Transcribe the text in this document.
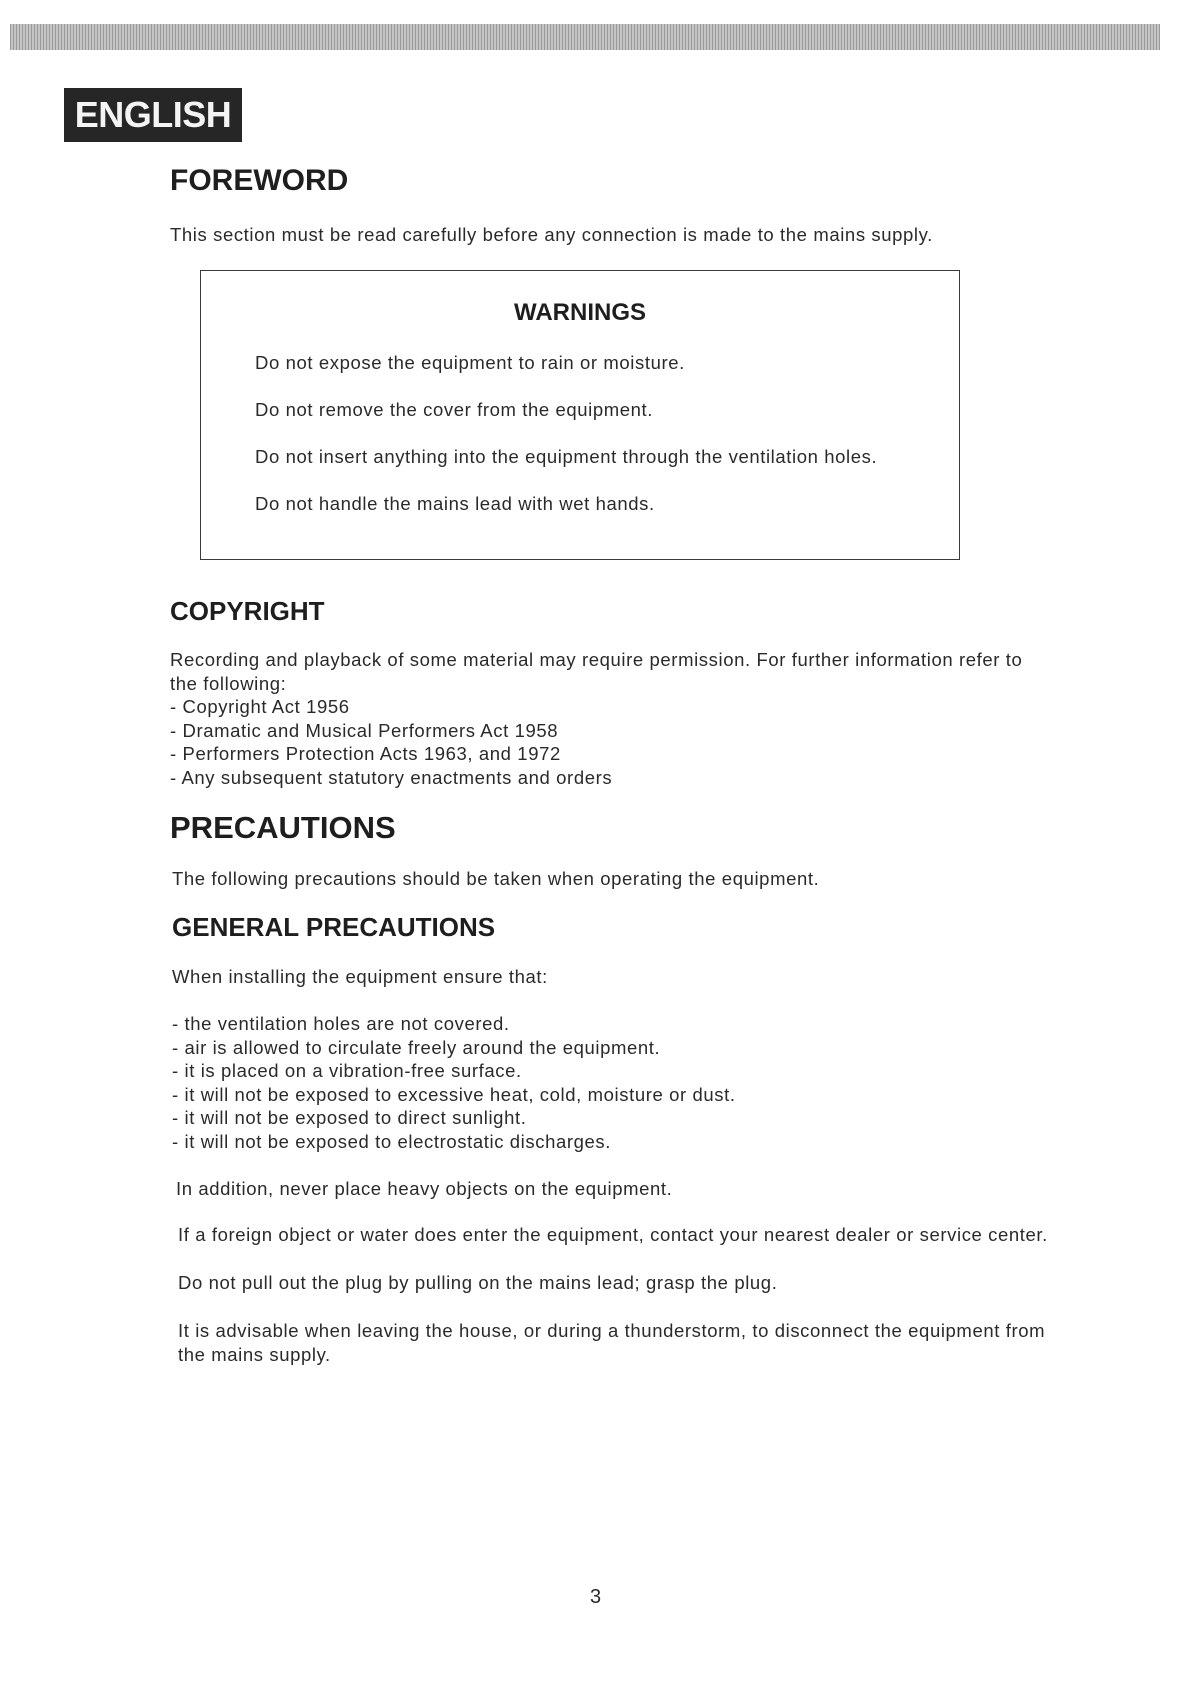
ENGLISH
FOREWORD

This section must be read carefully before any connection is made to the mains supply.

WARNINGS
Do not expose the equipment to rain or moisture.
Do not remove the cover from the equipment.
Do not insert anything into the equipment through the ventilation holes.
Do not handle the mains lead with wet hands.
COPYRIGHT
Recording and playback of some material may require permission. For further information refer to
the following:
- Copyright Act 1956
- Dramatic and Musical Performers Act 1958
- Performers Protection Acts 1963, and 1972
- Any subsequent statutory enactments and orders
PRECAUTIONS

The following precautions should be taken when operating the equipment.

GENERAL PRECAUTIONS

When installing the equipment ensure that:

- the ventilation holes are not covered.
- air is allowed to circulate freely around the equipment.
- it is placed on a vibration-free surface.
- it will not be exposed to excessive heat, cold, moisture or dust.
- it will not be exposed to direct sunlight.
- it will not be exposed to electrostatic discharges.

In addition, never place heavy objects on the equipment.

If a foreign object or water does enter the equipment, contact your nearest dealer or service center.

Do not pull out the plug by pulling on the mains lead; grasp the plug.

It is advisable when leaving the house, or during a thunderstorm, to disconnect the equipment from
the mains supply.
3
